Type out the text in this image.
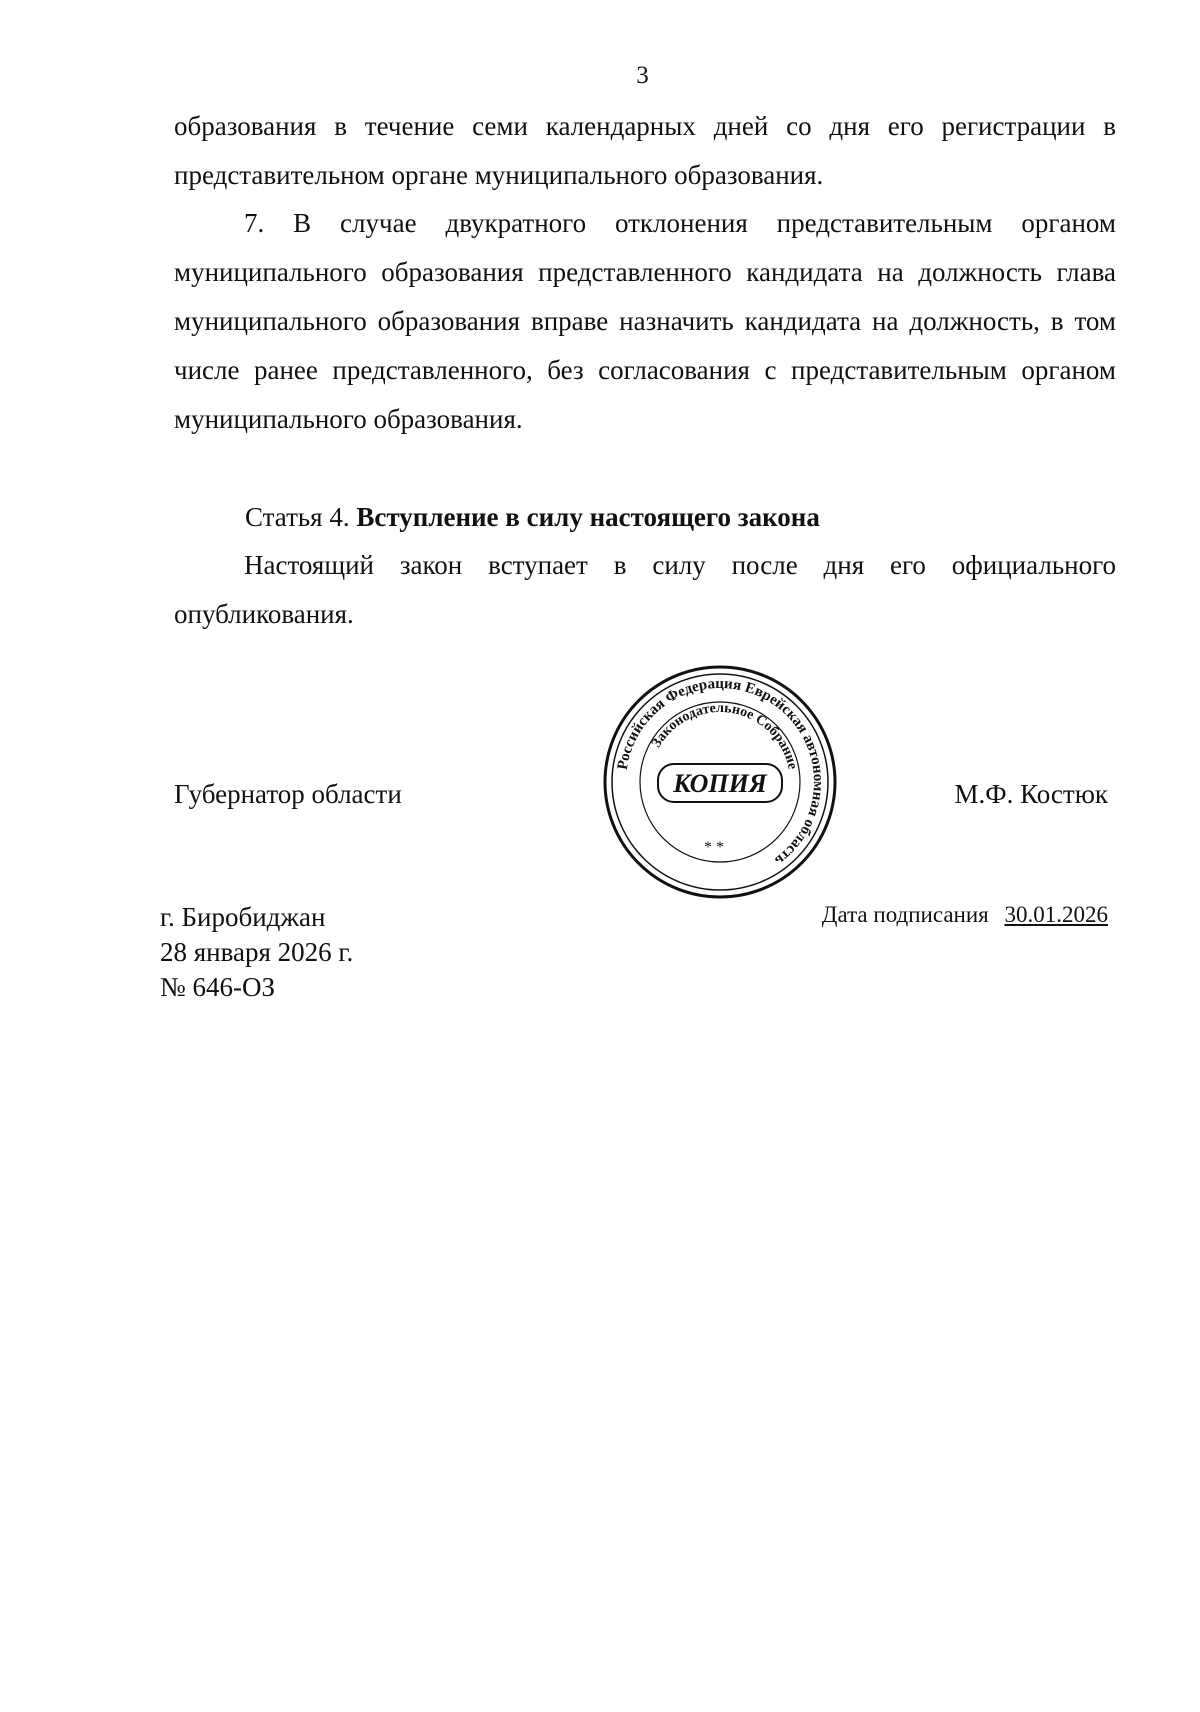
3
образования в течение семи календарных дней со дня его регистрации в представительном органе муниципального образования.
7. В случае двукратного отклонения представительным органом муниципального образования представленного кандидата на должность глава муниципального образования вправе назначить кандидата на должность, в том числе ранее представленного, без согласования с представительным органом муниципального образования.
Статья 4. Вступление в силу настоящего закона
Настоящий закон вступает в силу после дня его официального опубликования.
Губернатор области	М.Ф. Костюк
Российская Федерация Еврейская автономная область
Законодательное Собрание
КОПИЯ
* *
г. Биробиджан
28 января 2026 г.
№ 646-ОЗ
Дата подписания 30.01.2026
